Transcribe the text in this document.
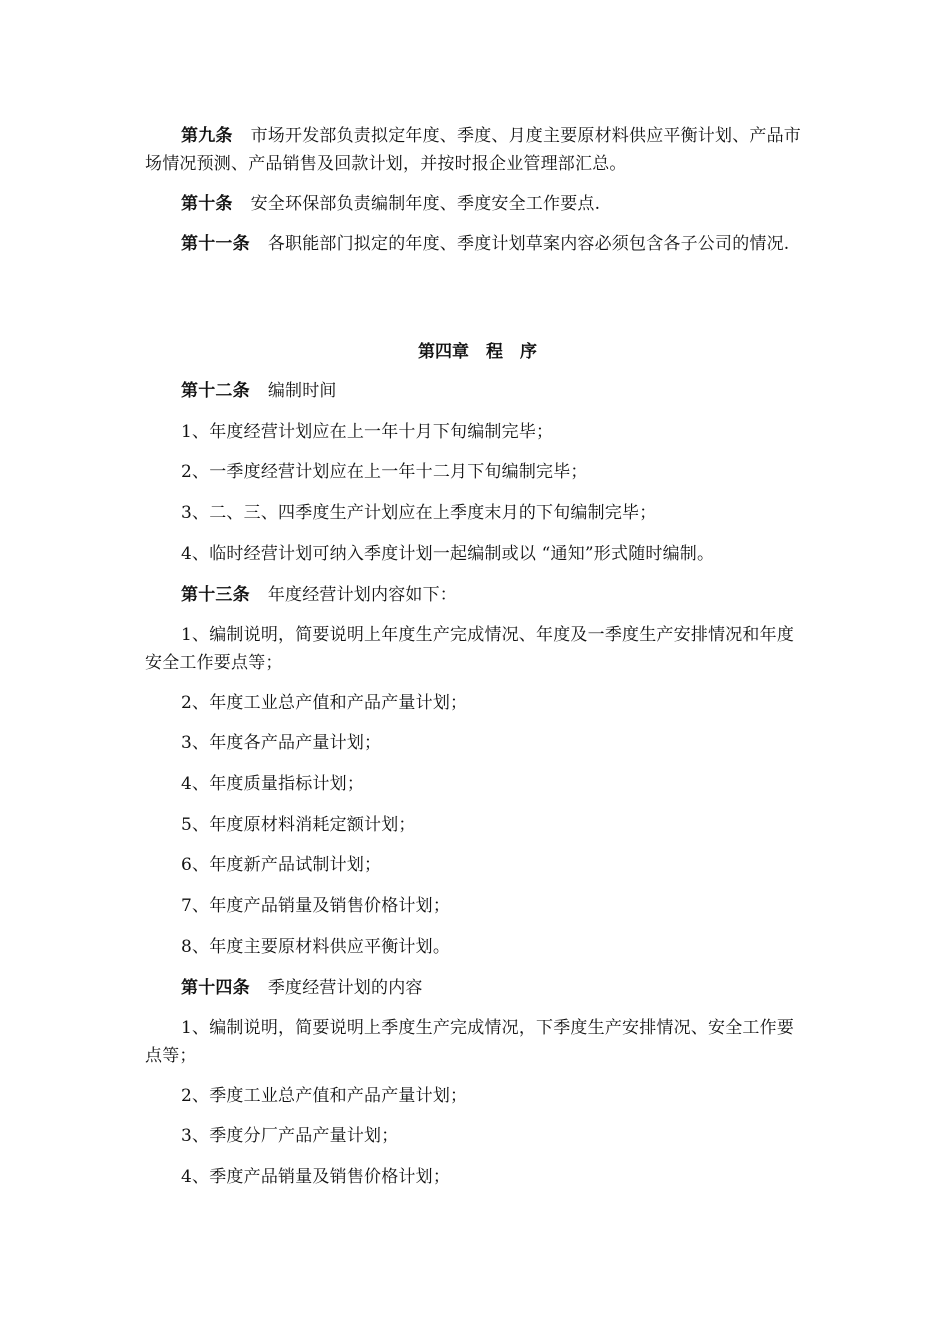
第九条 市场开发部负责拟定年度、季度、月度主要原材料供应平衡计划、产品市场情况预测、产品销售及回款计划，并按时报企业管理部汇总。

第十条 安全环保部负责编制年度、季度安全工作要点.

第十一条 各职能部门拟定的年度、季度计划草案内容必须包含各子公司的情况.

第四章　程　序

第十二条 编制时间

1、年度经营计划应在上一年十月下旬编制完毕；

2、一季度经营计划应在上一年十二月下旬编制完毕；

3、二、三、四季度生产计划应在上季度末月的下旬编制完毕；

4、临时经营计划可纳入季度计划一起编制或以 “通知”形式随时编制。

第十三条 年度经营计划内容如下：

1、编制说明，简要说明上年度生产完成情况、年度及一季度生产安排情况和年度安全工作要点等；

2、年度工业总产值和产品产量计划；

3、年度各产品产量计划；

4、年度质量指标计划；

5、年度原材料消耗定额计划；

6、年度新产品试制计划；

7、年度产品销量及销售价格计划；

8、年度主要原材料供应平衡计划。

第十四条 季度经营计划的内容

1、编制说明，简要说明上季度生产完成情况，下季度生产安排情况、安全工作要点等；

2、季度工业总产值和产品产量计划；

3、季度分厂产品产量计划；

4、季度产品销量及销售价格计划；
